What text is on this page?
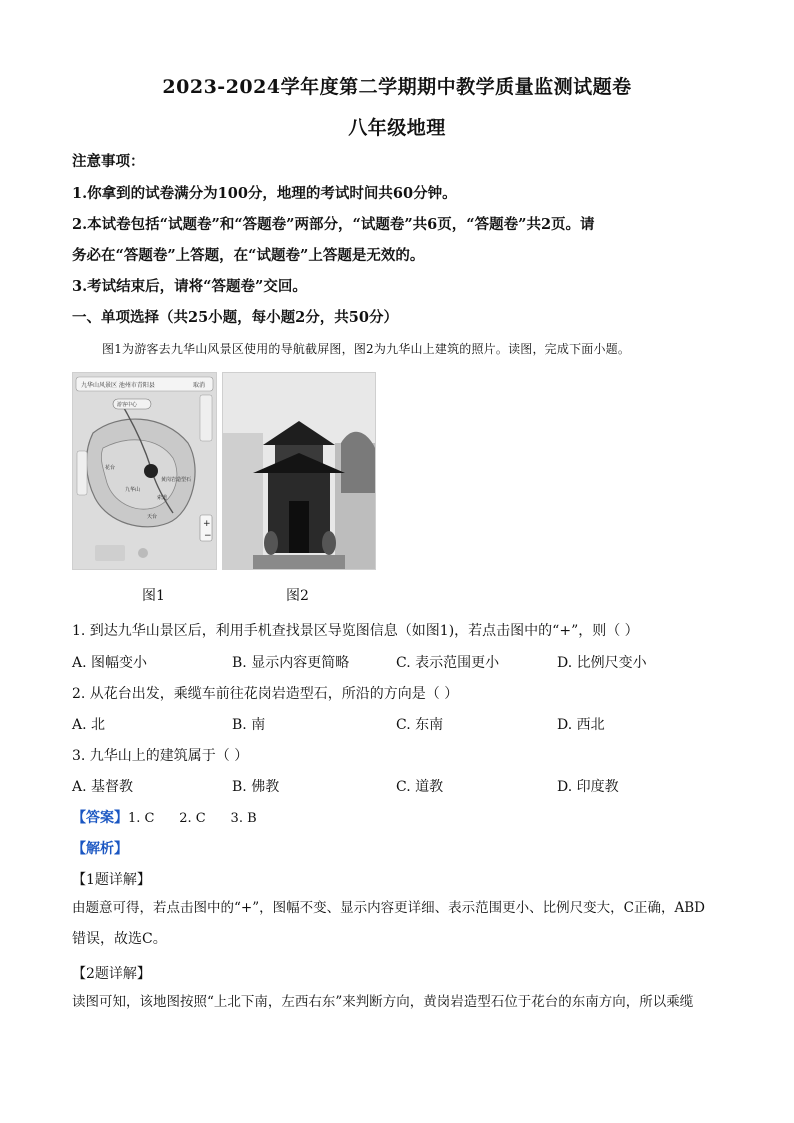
2023-2024学年度第二学期期中教学质量监测试题卷
八年级地理
注意事项：
1.你拿到的试卷满分为100分，地理的考试时间共60分钟。
2.本试卷包括“试题卷”和“答题卷”两部分，“试题卷”共6页，“答题卷”共2页。请
务必在“答题卷”上答题，在“试题卷”上答题是无效的。
3.考试结束后，请将“答题卷”交回。
一、单项选择（共25小题，每小题2分，共50分）
图1为游客去九华山风景区使用的导航截屏图，图2为九华山上建筑的照片。读图，完成下面小题。
九华山风景区 池州市青阳县	取消
游客中心
花台
黄岗岩造型石
九华山
索道
天台
+
−
图1	图2
1. 到达九华山景区后，利用手机查找景区导览图信息（如图1)，若点击图中的“+”，则（ ）
A. 图幅变小	B. 显示内容更简略	C. 表示范围更小	D. 比例尺变小
2. 从花台出发，乘缆车前往花岗岩造型石，所沿的方向是（ ）
A. 北	B. 南	C. 东南	D. 西北
3. 九华山上的建筑属于（ ）
A. 基督教	B. 佛教	C. 道教	D. 印度教
【答案】1. C      2. C      3. B
【解析】
【1题详解】
由题意可得，若点击图中的“+”，图幅不变、显示内容更详细、表示范围更小、比例尺变大，C正确，ABD
错误，故选C。
【2题详解】
读图可知，该地图按照“上北下南，左西右东”来判断方向，黄岗岩造型石位于花台的东南方向，所以乘缆
